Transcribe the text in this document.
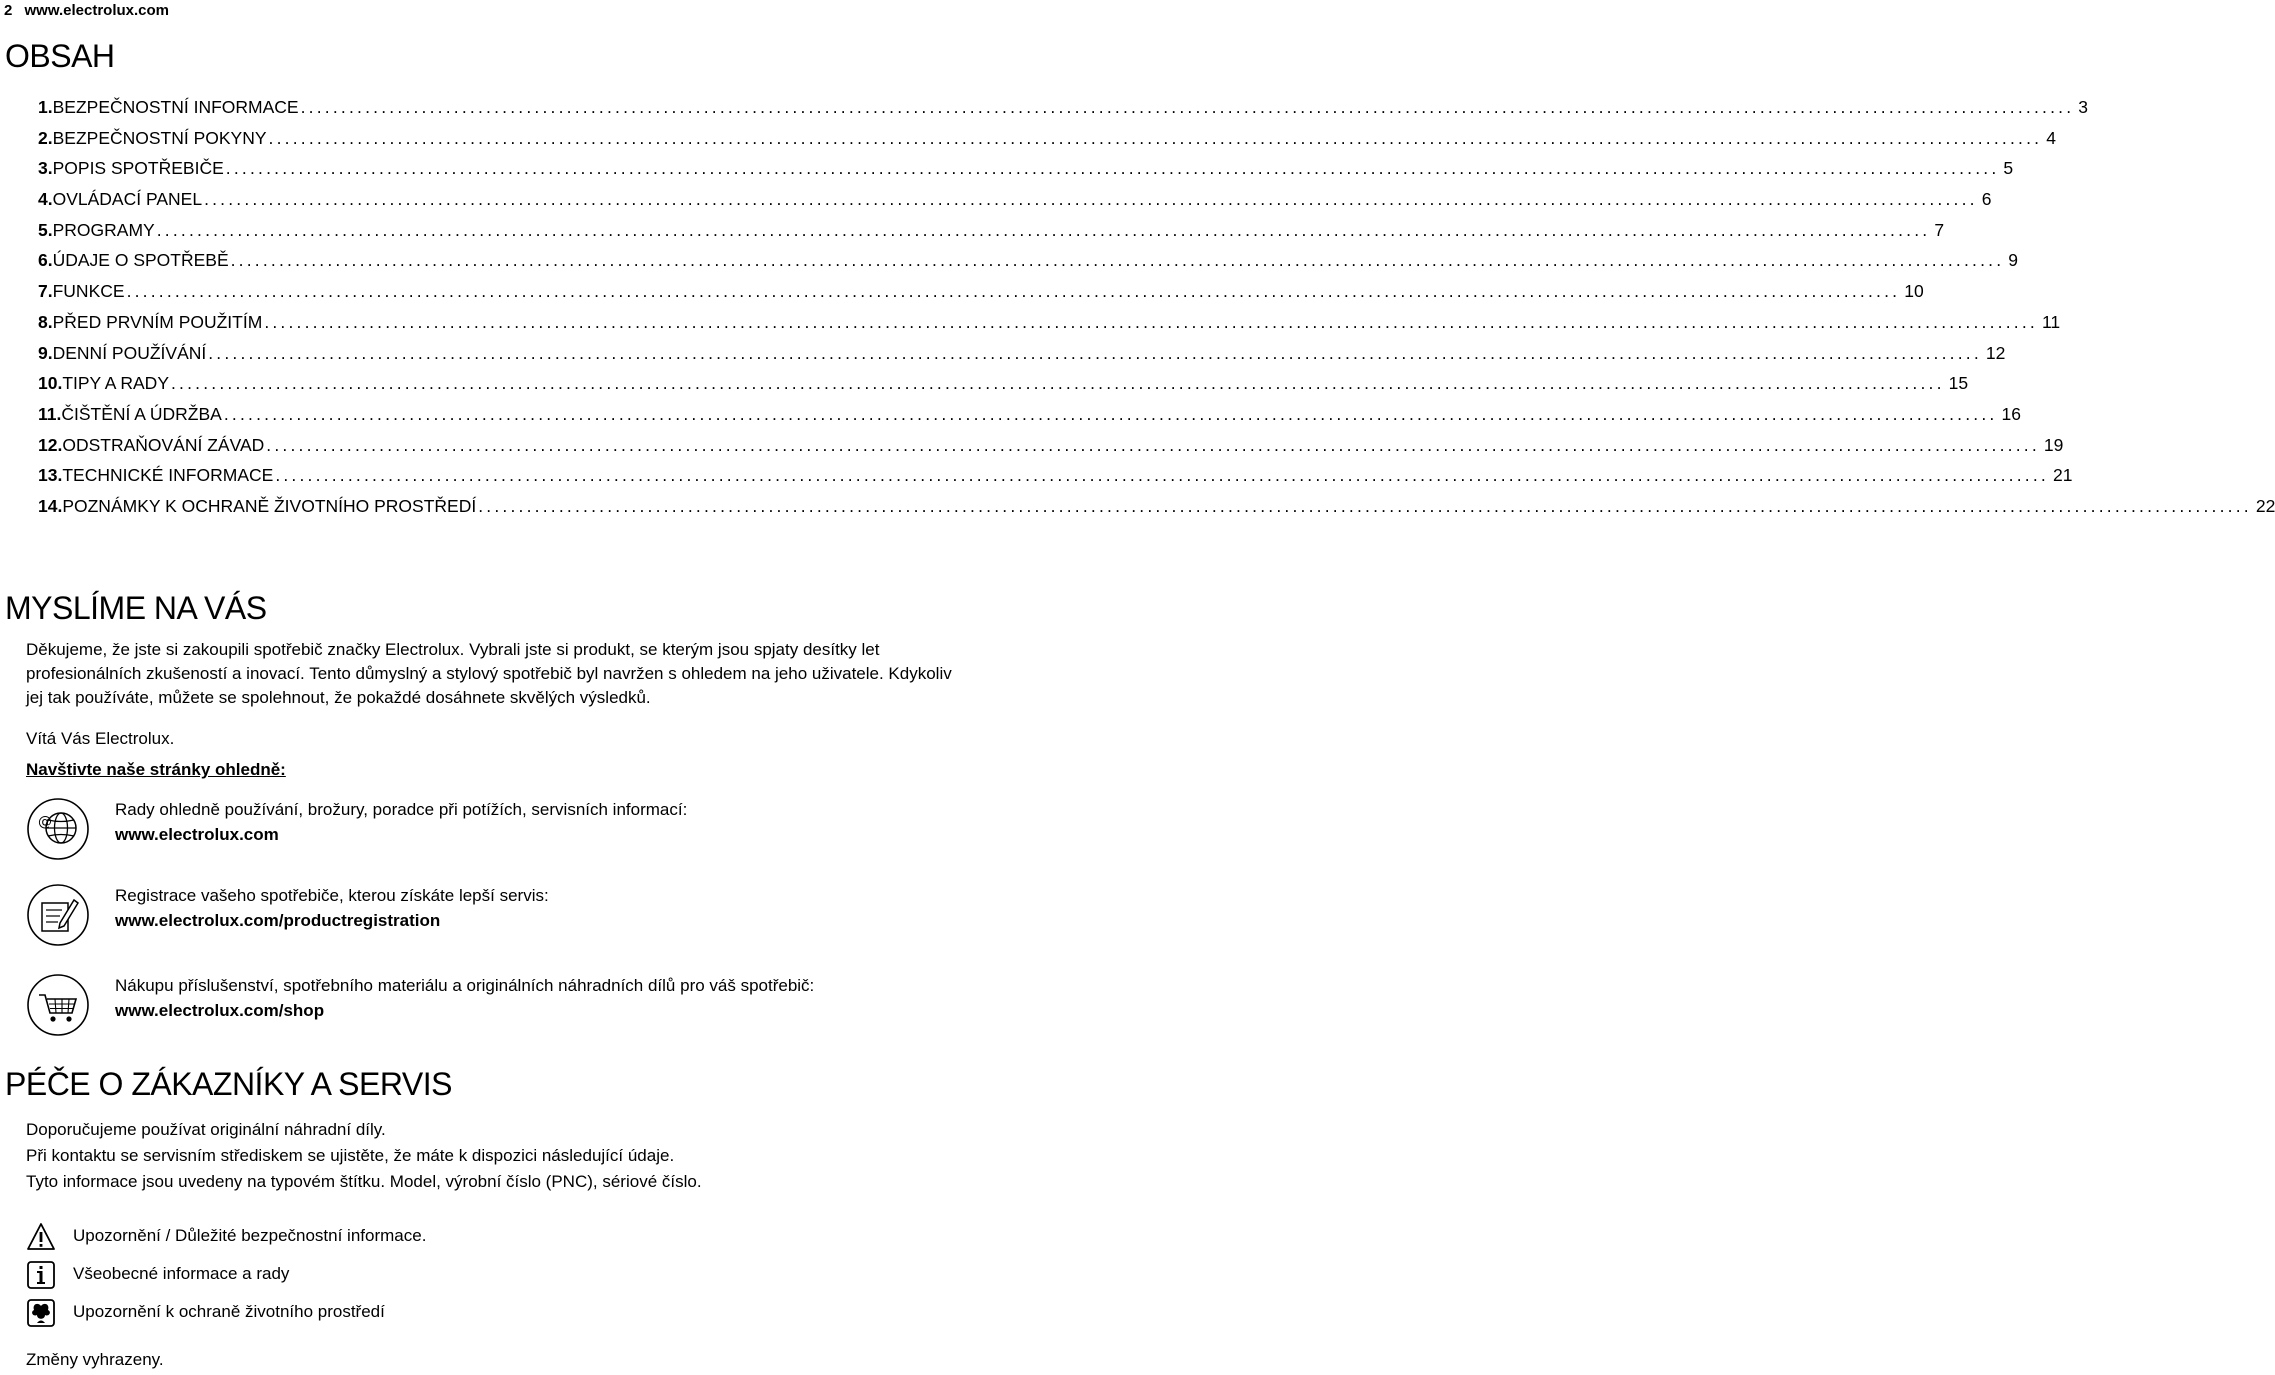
2 www.electrolux.com
OBSAH
1. BEZPEČNOSTNÍ INFORMACE ............................................................................................................................................................................................................................ 3
2. BEZPEČNOSTNÍ POKYNY ............................................................................................................................................................................................................................ 4
3. POPIS SPOTŘEBIČE ............................................................................................................................................................................................................................ 5
4. OVLÁDACÍ PANEL ............................................................................................................................................................................................................................ 6
5. PROGRAMY ............................................................................................................................................................................................................................ 7
6. ÚDAJE O SPOTŘEBĚ ............................................................................................................................................................................................................................ 9
7. FUNKCE ............................................................................................................................................................................................................................ 10
8. PŘED PRVNÍM POUŽITÍM ............................................................................................................................................................................................................................ 11
9. DENNÍ POUŽÍVÁNÍ ............................................................................................................................................................................................................................ 12
10. TIPY A RADY ............................................................................................................................................................................................................................ 15
11. ČIŠTĚNÍ A ÚDRŽBA ............................................................................................................................................................................................................................ 16
12. ODSTRAŇOVÁNÍ ZÁVAD ............................................................................................................................................................................................................................ 19
13. TECHNICKÉ INFORMACE ............................................................................................................................................................................................................................ 21
14. POZNÁMKY K OCHRANĚ ŽIVOTNÍHO PROSTŘEDÍ ............................................................................................................................................................................................................................ 22
MYSLÍME NA VÁS
Děkujeme, že jste si zakoupili spotřebič značky Electrolux. Vybrali jste si produkt, se kterým jsou spjaty desítky let profesionálních zkušeností a inovací. Tento důmyslný a stylový spotřebič byl navržen s ohledem na jeho uživatele. Kdykoliv jej tak používáte, můžete se spolehnout, že pokaždé dosáhnete skvělých výsledků.
Vítá Vás Electrolux.
Navštivte naše stránky ohledně:
@
Rady ohledně používání, brožury, poradce při potížích, servisních informací:
www.electrolux.com
Registrace vašeho spotřebiče, kterou získáte lepší servis:
www.electrolux.com/productregistration
Nákupu příslušenství, spotřebního materiálu a originálních náhradních dílů pro váš spotřebič:
www.electrolux.com/shop
PÉČE O ZÁKAZNÍKY A SERVIS
Doporučujeme používat originální náhradní díly.
Při kontaktu se servisním střediskem se ujistěte, že máte k dispozici následující údaje.
Tyto informace jsou uvedeny na typovém štítku. Model, výrobní číslo (PNC), sériové číslo.
Upozornění / Důležité bezpečnostní informace.
Všeobecné informace a rady
Upozornění k ochraně životního prostředí
Změny vyhrazeny.
